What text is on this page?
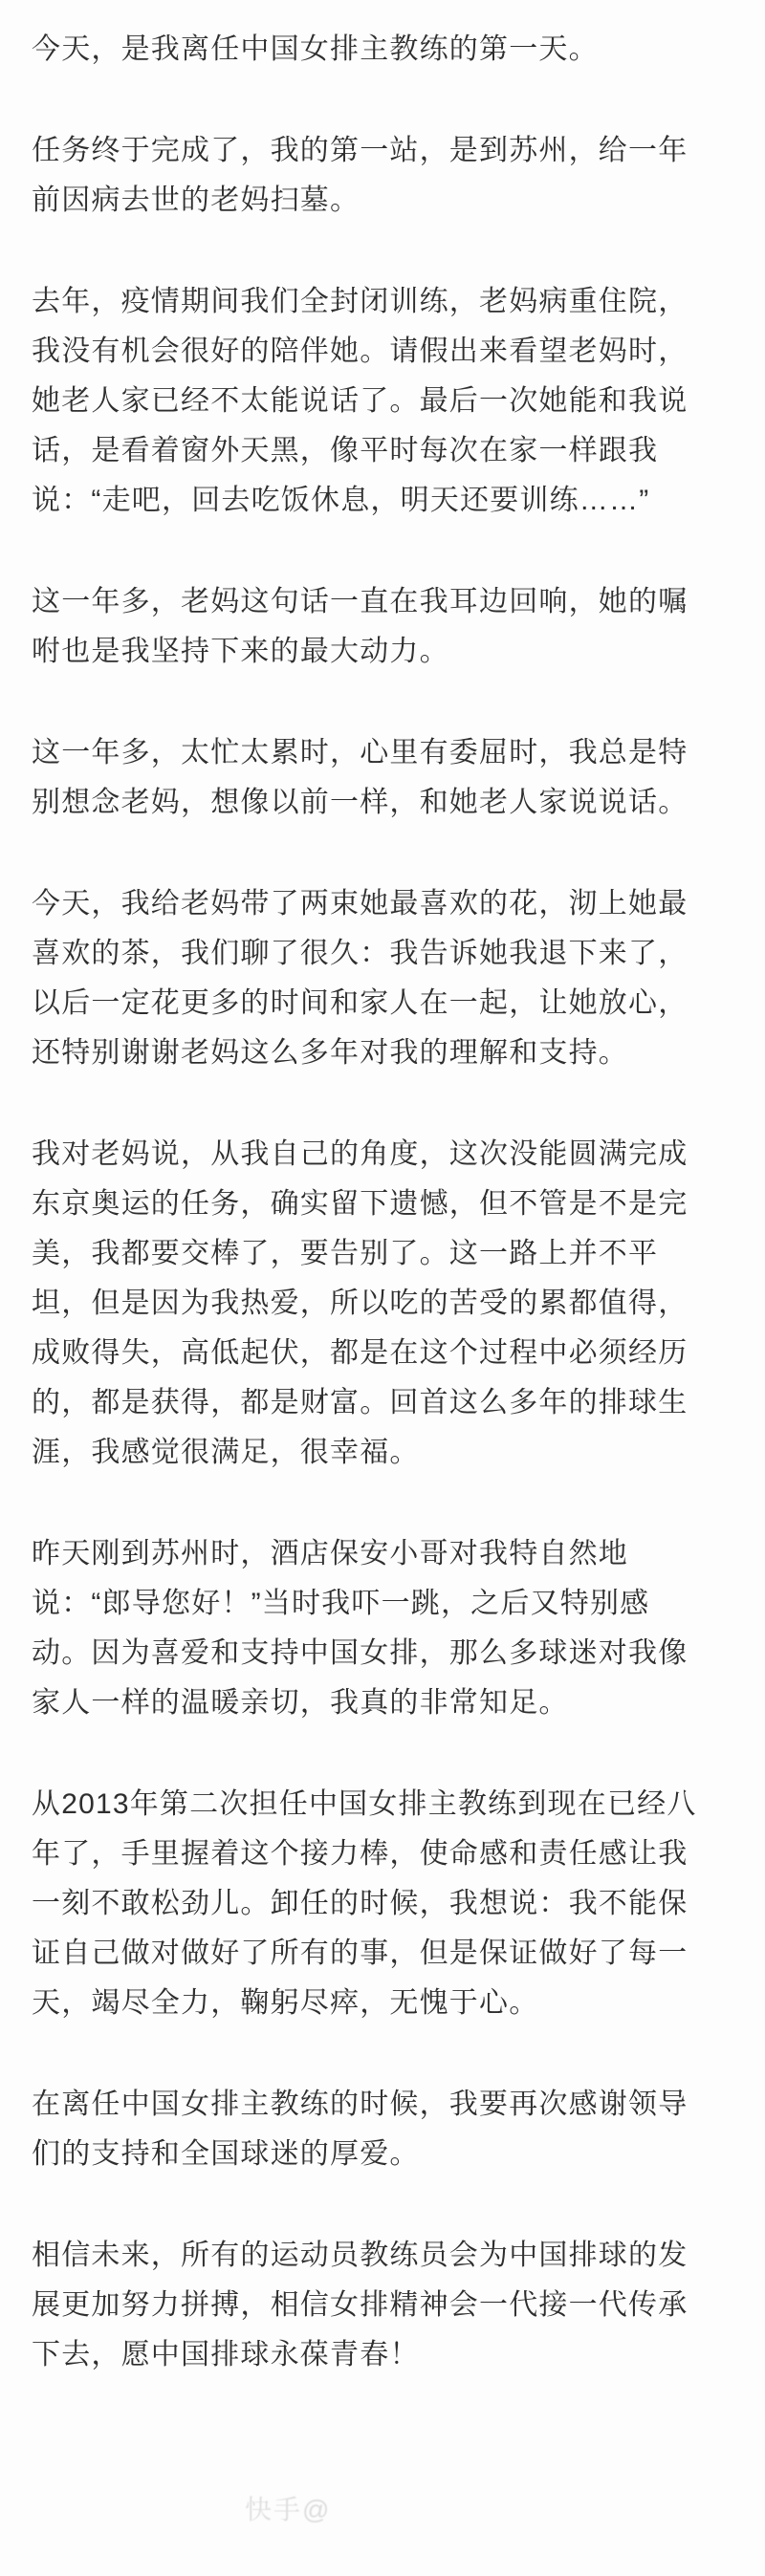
今天，是我离任中国女排主教练的第一天。

任务终于完成了，我的第一站，是到苏州，给一年前因病去世的老妈扫墓。

去年，疫情期间我们全封闭训练，老妈病重住院，我没有机会很好的陪伴她。请假出来看望老妈时，她老人家已经不太能说话了。最后一次她能和我说话，是看着窗外天黑，像平时每次在家一样跟我说：“走吧，回去吃饭休息，明天还要训练……”

这一年多，老妈这句话一直在我耳边回响，她的嘱咐也是我坚持下来的最大动力。

这一年多，太忙太累时，心里有委屈时，我总是特别想念老妈，想像以前一样，和她老人家说说话。

今天，我给老妈带了两束她最喜欢的花，沏上她最喜欢的茶，我们聊了很久：我告诉她我退下来了，以后一定花更多的时间和家人在一起，让她放心，还特别谢谢老妈这么多年对我的理解和支持。

我对老妈说，从我自己的角度，这次没能圆满完成东京奥运的任务，确实留下遗憾，但不管是不是完美，我都要交棒了，要告别了。这一路上并不平坦，但是因为我热爱，所以吃的苦受的累都值得，成败得失，高低起伏，都是在这个过程中必须经历的，都是获得，都是财富。回首这么多年的排球生涯，我感觉很满足，很幸福。

昨天刚到苏州时，酒店保安小哥对我特自然地说：“郎导您好！”当时我吓一跳，之后又特别感动。因为喜爱和支持中国女排，那么多球迷对我像家人一样的温暖亲切，我真的非常知足。

从2013年第二次担任中国女排主教练到现在已经八年了，手里握着这个接力棒，使命感和责任感让我一刻不敢松劲儿。卸任的时候，我想说：我不能保证自己做对做好了所有的事，但是保证做好了每一天，竭尽全力，鞠躬尽瘁，无愧于心。

在离任中国女排主教练的时候，我要再次感谢领导们的支持和全国球迷的厚爱。

相信未来，所有的运动员教练员会为中国排球的发展更加努力拼搏，相信女排精神会一代接一代传承下去，愿中国排球永葆青春！

快手@
